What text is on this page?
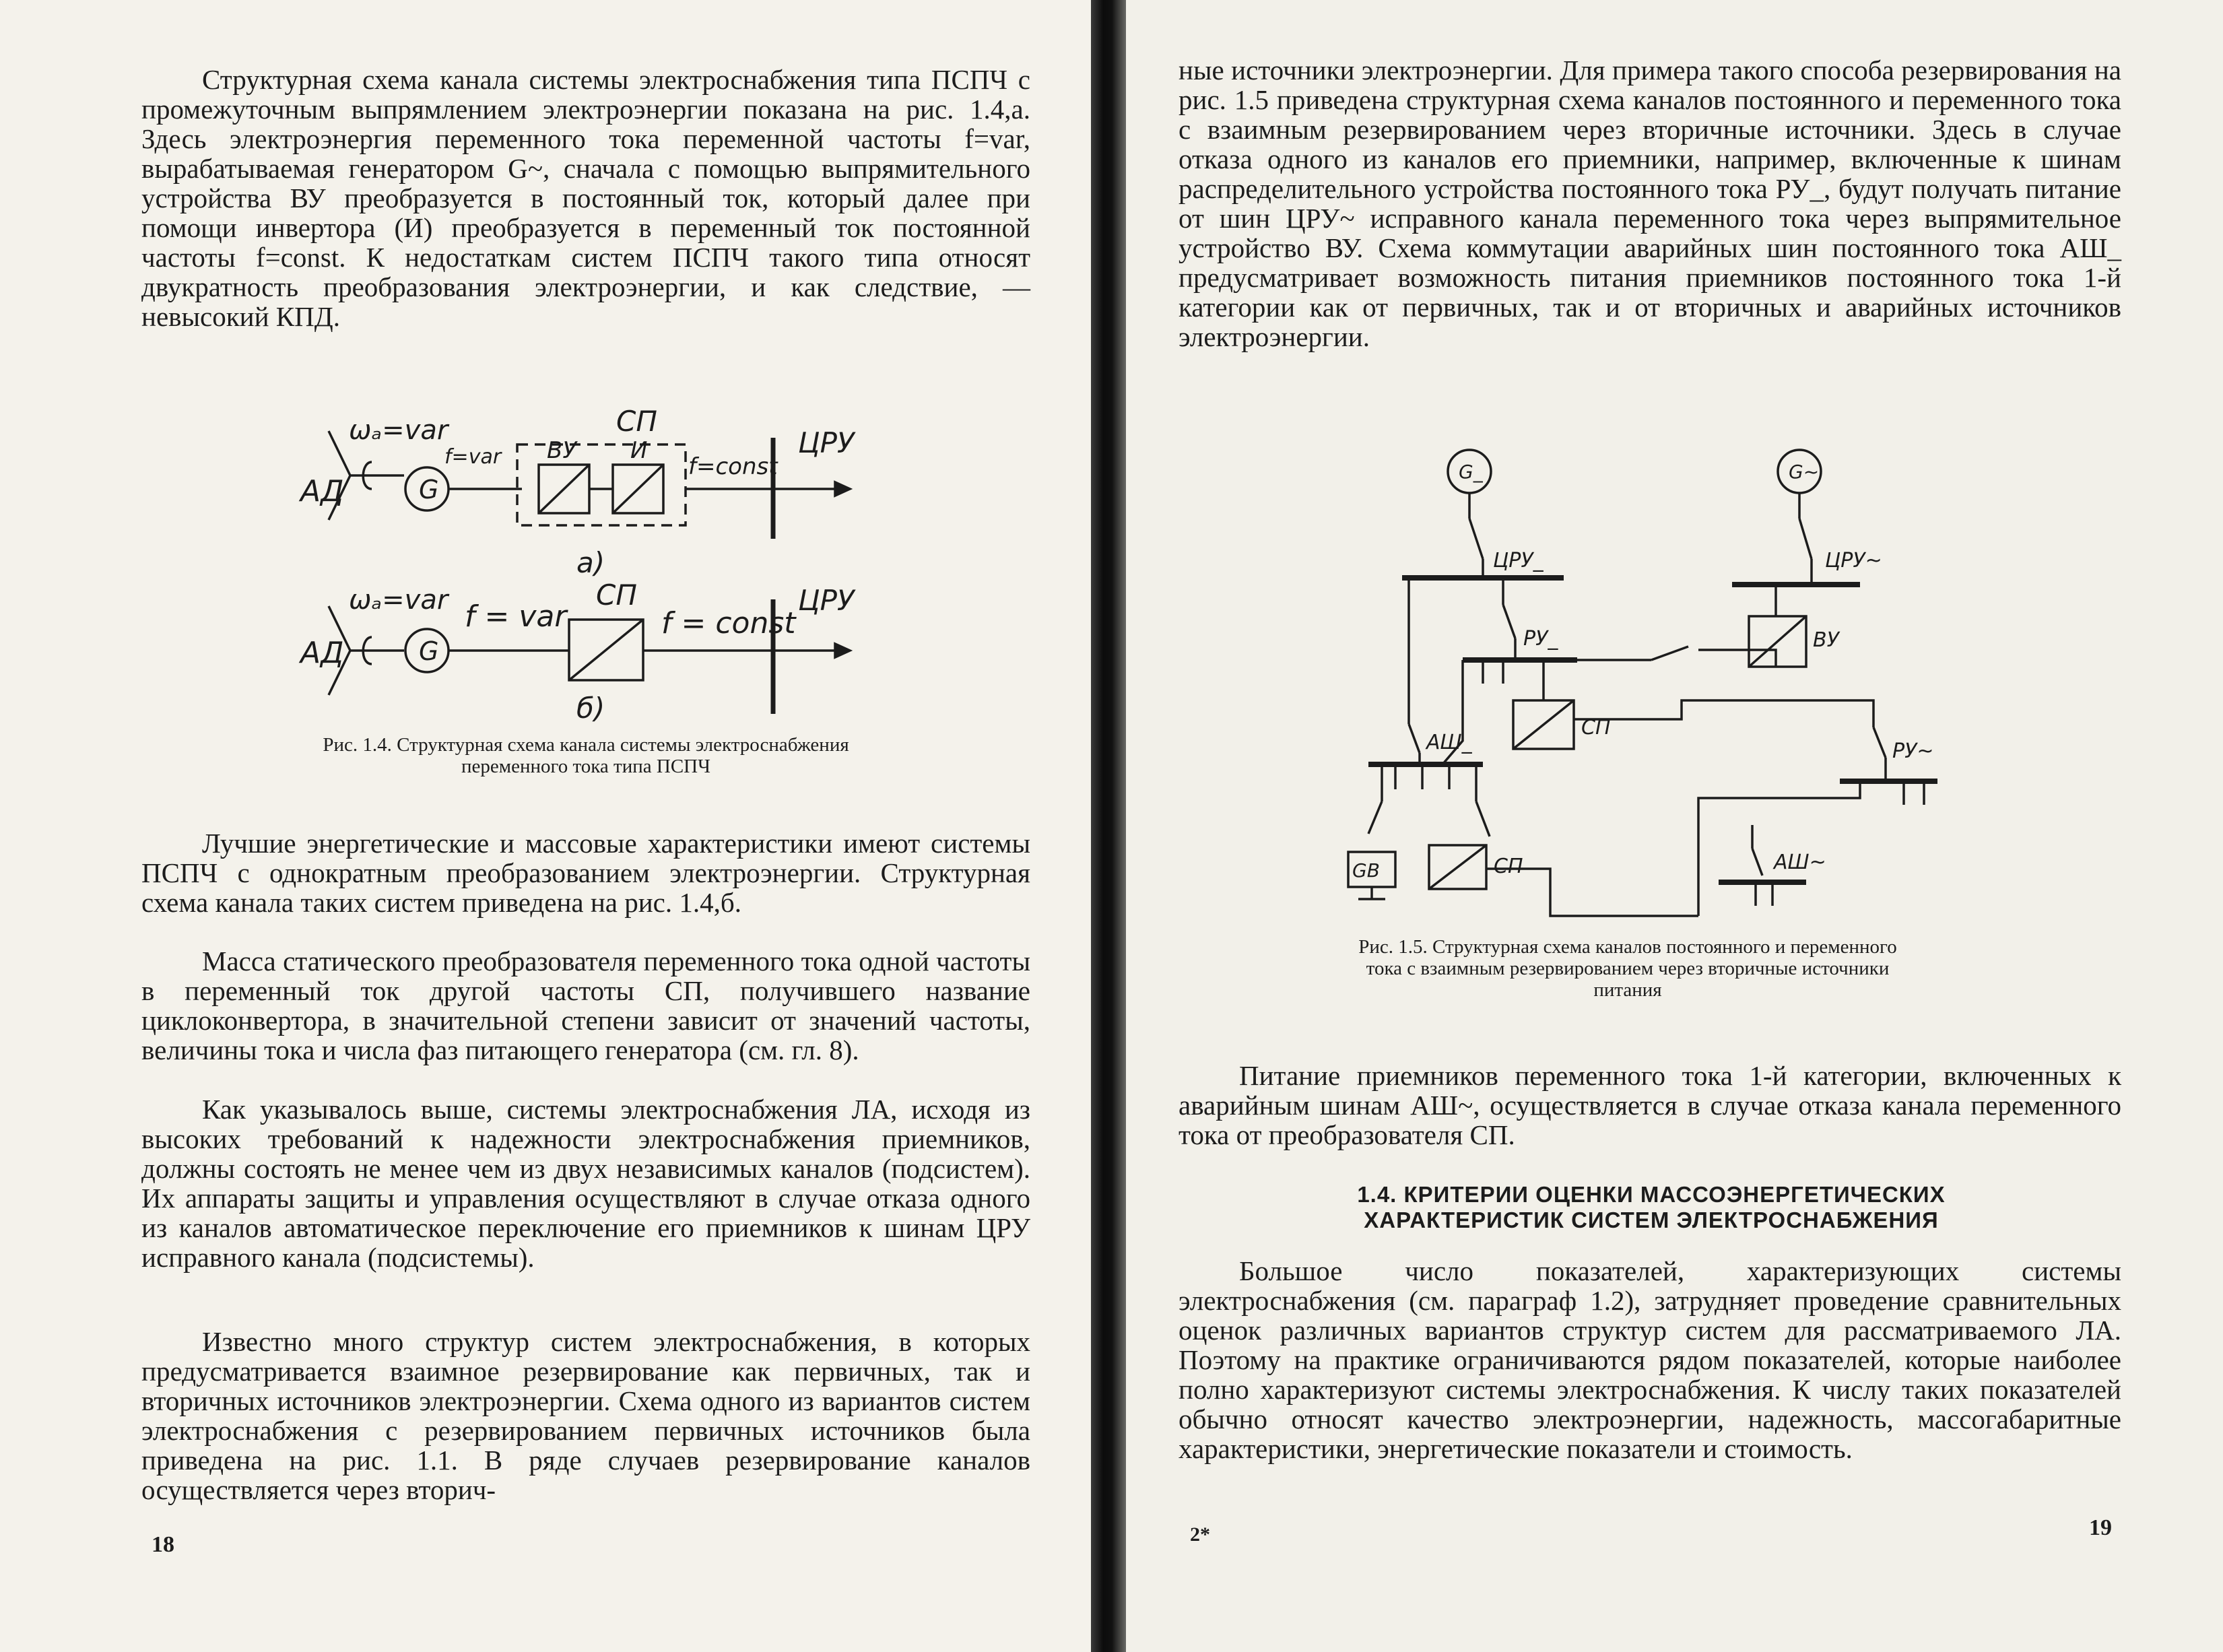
Структурная схема канала системы электроснабжения типа ПСПЧ с промежуточным выпрямлением электроэнергии показана на рис. 1.4,а. Здесь электроэнергия переменного тока переменной частоты f=var, вырабатываемая генератором G~, сначала с помощью выпрямительного устройства ВУ преобразуется в постоянный ток, который далее при помощи инвертора (И) преобразуется в переменный ток постоянной частоты f=const. К недостаткам систем ПСПЧ такого типа относят двукратность преобразования электроэнергии, и как следствие, — невысокий КПД.

АД
ωₐ=var
G
f=var ВУ И
СП
f=const
ЦРУ
а)
АД
ωₐ=var
G
f = var
СП
f = const
ЦРУ
б)

Рис. 1.4. Структурная схема канала системы электроснабжения переменного тока типа ПСПЧ

Лучшие энергетические и массовые характеристики имеют системы ПСПЧ с однократным преобразованием электроэнергии. Структурная схема канала таких систем приведена на рис. 1.4,б.

Масса статического преобразователя переменного тока одной частоты в переменный ток другой частоты СП, получившего название циклоконвертора, в значительной степени зависит от значений частоты, величины тока и числа фаз питающего генератора (см. гл. 8).

Как указывалось выше, системы электроснабжения ЛА, исходя из высоких требований к надежности электроснабжения приемников, должны состоять не менее чем из двух независимых каналов (подсистем). Их аппараты защиты и управления осуществляют в случае отказа одного из каналов автоматическое переключение его приемников к шинам ЦРУ исправного канала (подсистемы).

Известно много структур систем электроснабжения, в которых предусматривается взаимное резервирование как первичных, так и вторичных источников электроэнергии. Схема одного из вариантов систем электроснабжения с резервированием первичных источников была приведена на рис. 1.1. В ряде случаев резервирование каналов осуществляется через вторич-

18

ные источники электроэнергии. Для примера такого способа резервирования на рис. 1.5 приведена структурная схема каналов постоянного и переменного тока с взаимным резервированием через вторичные источники. Здесь в случае отказа одного из каналов его приемники, например, включенные к шинам распределительного устройства постоянного тока РУ_, будут получать питание от шин ЦРУ~ исправного канала переменного тока через выпрямительное устройство ВУ. Схема коммутации аварийных шин постоянного тока АШ_ предусматривает возможность питания приемников постоянного тока 1-й категории как от первичных, так и от вторичных и аварийных источников электроэнергии.

G_	G~
ЦРУ_	ЦРУ~
РУ_	ВУ
СП
АШ_	РУ~
GB	СП	АШ~

Рис. 1.5. Структурная схема каналов постоянного и переменного тока с взаимным резервированием через вторичные источники питания

Питание приемников переменного тока 1-й категории, включенных к аварийным шинам АШ~, осуществляется в случае отказа канала переменного тока от преобразователя СП.

1.4. КРИТЕРИИ ОЦЕНКИ МАССОЭНЕРГЕТИЧЕСКИХ ХАРАКТЕРИСТИК СИСТЕМ ЭЛЕКТРОСНАБЖЕНИЯ

Большое число показателей, характеризующих системы электроснабжения (см. параграф 1.2), затрудняет проведение сравнительных оценок различных вариантов структур систем для рассматриваемого ЛА. Поэтому на практике ограничиваются рядом показателей, которые наиболее полно характеризуют системы электроснабжения. К числу таких показателей обычно относят качество электроэнергии, надежность, массогабаритные характеристики, энергетические показатели и стоимость.

2*	19
